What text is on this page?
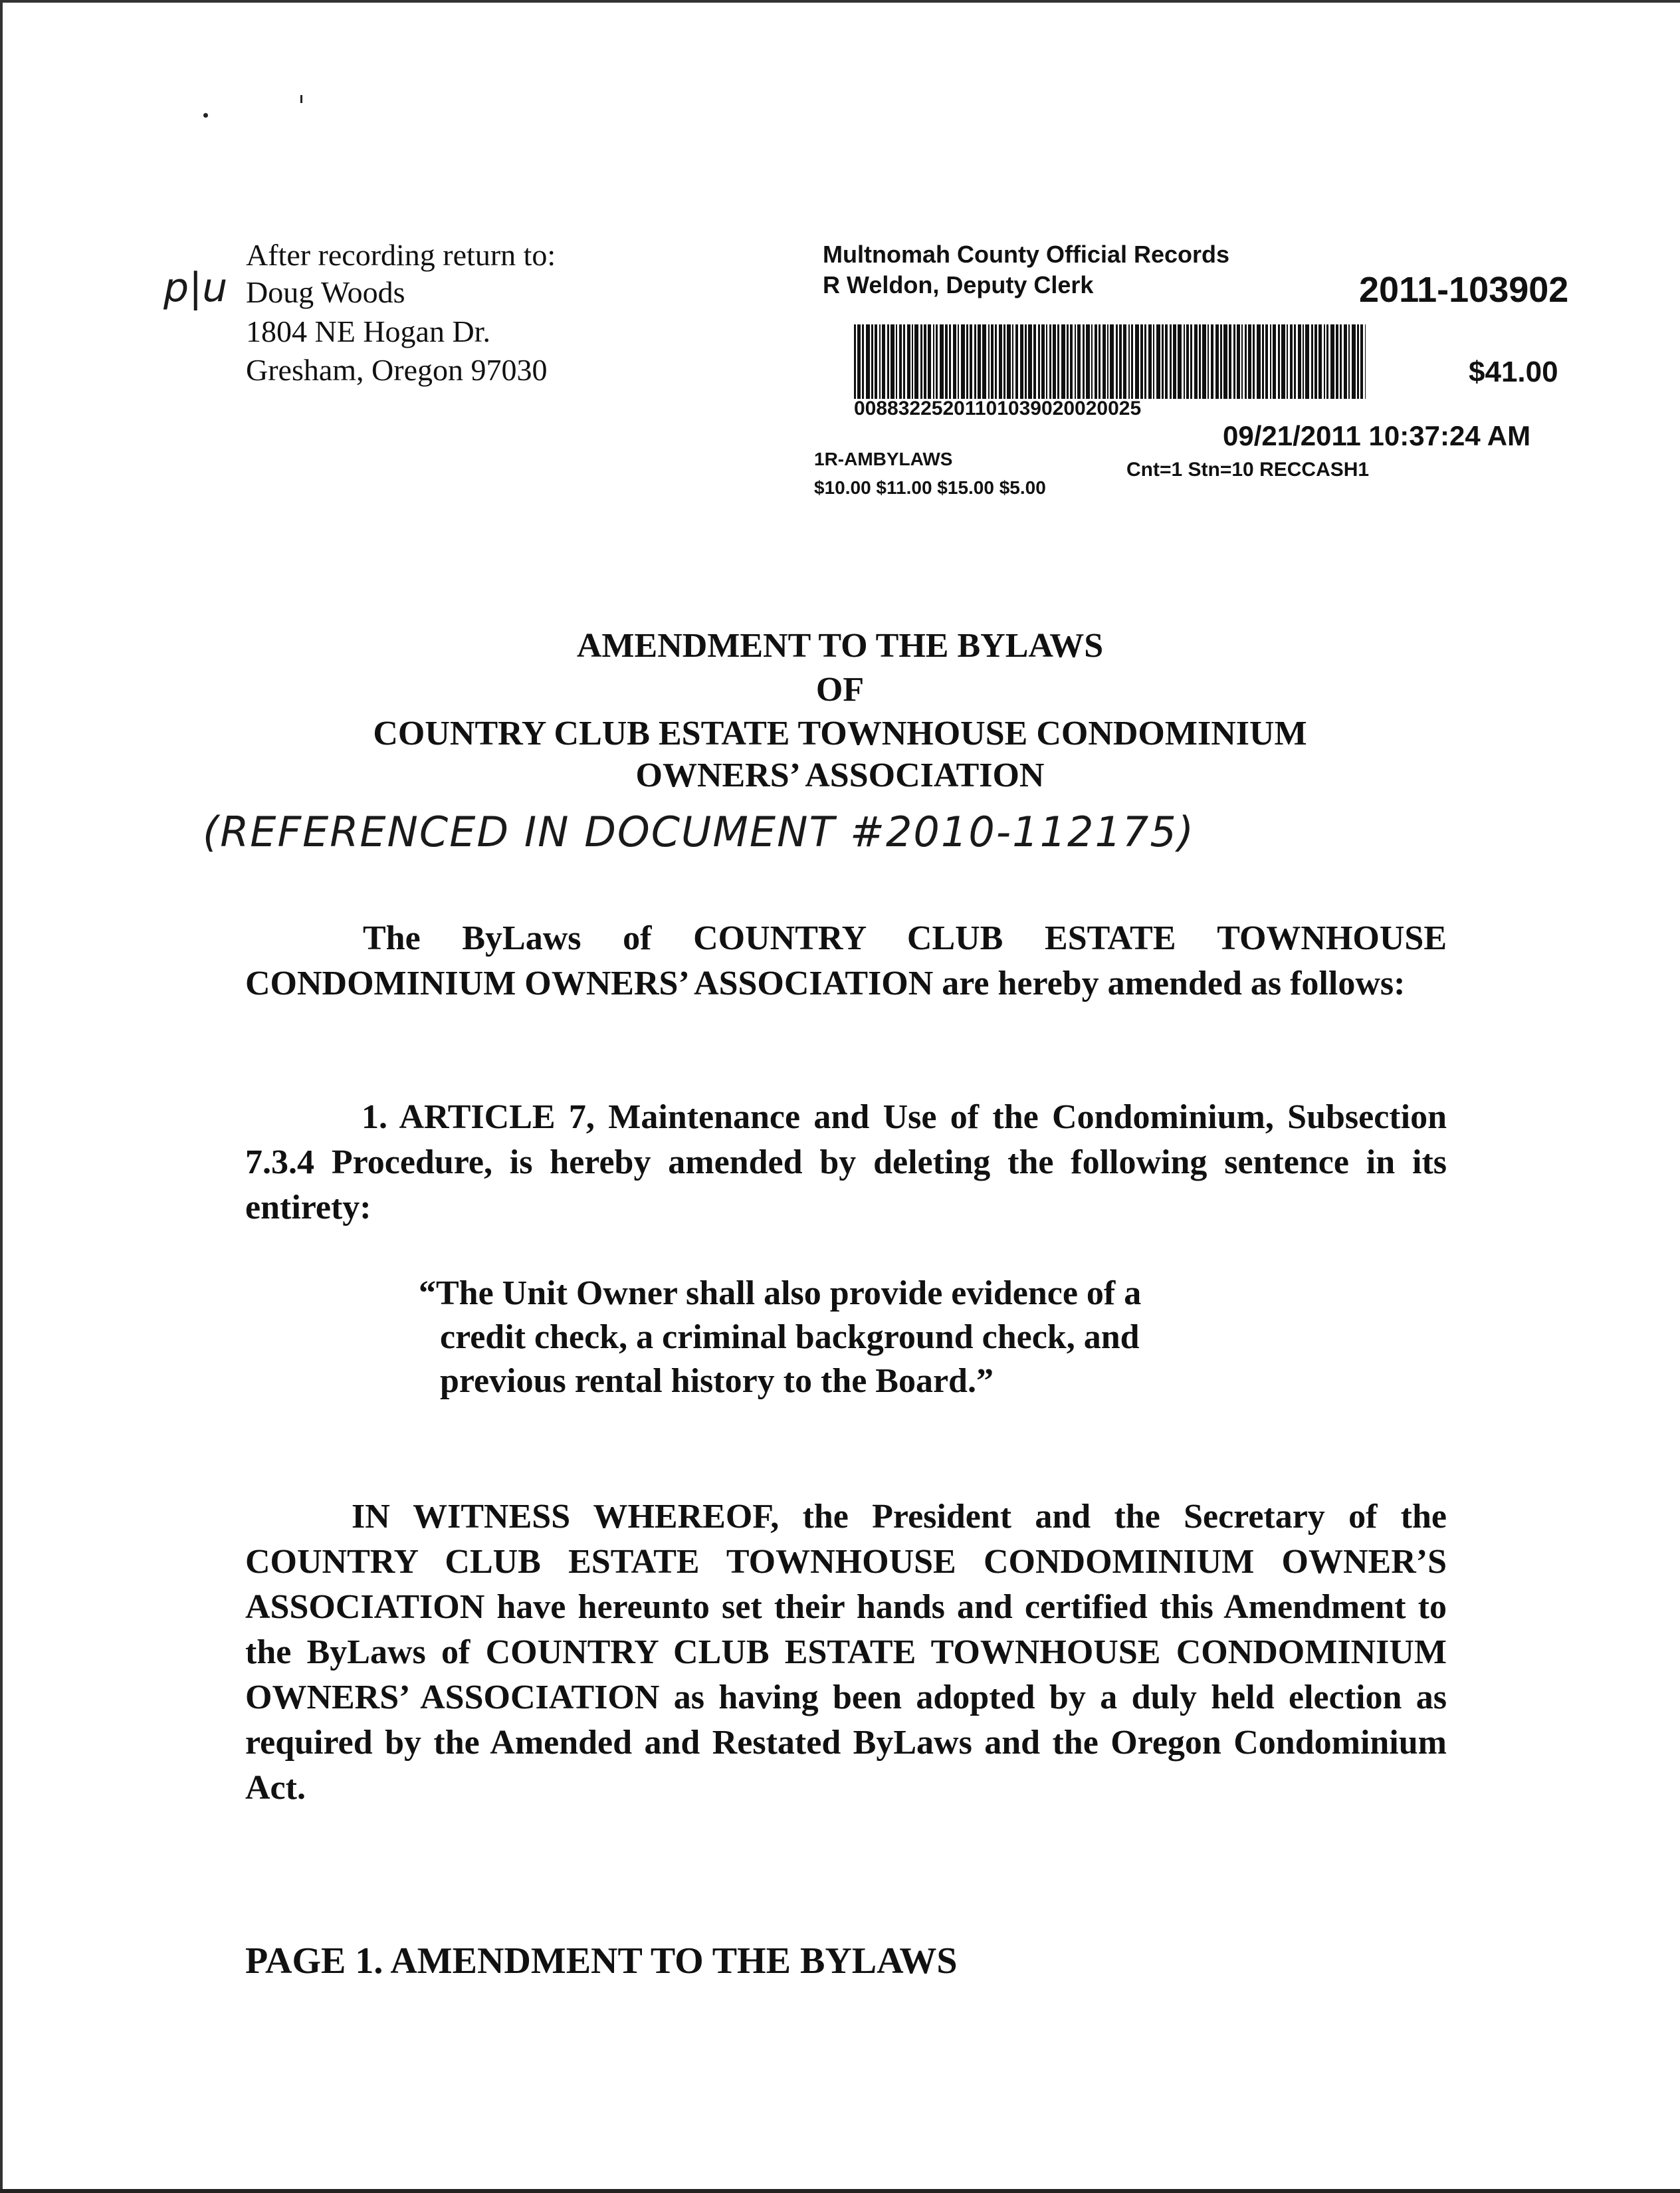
p|u
After recording return to:
Doug Woods
1804 NE Hogan Dr.
Gresham, Oregon 97030
Multnomah County Official Records
R Weldon, Deputy Clerk	2011-103902
$41.00
00883225201101039020020025
09/21/2011 10:37:24 AM
1R-AMBYLAWS	Cnt=1 Stn=10 RECCASH1
$10.00 $11.00 $15.00 $5.00
AMENDMENT TO THE BYLAWS
OF
COUNTRY CLUB ESTATE TOWNHOUSE CONDOMINIUM
OWNERS’ ASSOCIATION
(REFERENCED IN DOCUMENT #2010-112175)
The ByLaws of COUNTRY CLUB ESTATE TOWNHOUSE CONDOMINIUM OWNERS’ ASSOCIATION are hereby amended as follows:
1. ARTICLE 7, Maintenance and Use of the Condominium, Subsection 7.3.4 Procedure, is hereby amended by deleting the following sentence in its entirety:
“The Unit Owner shall also provide evidence of a
credit check, a criminal background check, and
previous rental history to the Board.”
IN WITNESS WHEREOF, the President and the Secretary of the COUNTRY CLUB ESTATE TOWNHOUSE CONDOMINIUM OWNER’S ASSOCIATION have hereunto set their hands and certified this Amendment to the ByLaws of COUNTRY CLUB ESTATE TOWNHOUSE CONDOMINIUM OWNERS’ ASSOCIATION as having been adopted by a duly held election as required by the Amended and Restated ByLaws and the Oregon Condominium Act.
PAGE 1. AMENDMENT TO THE BYLAWS
